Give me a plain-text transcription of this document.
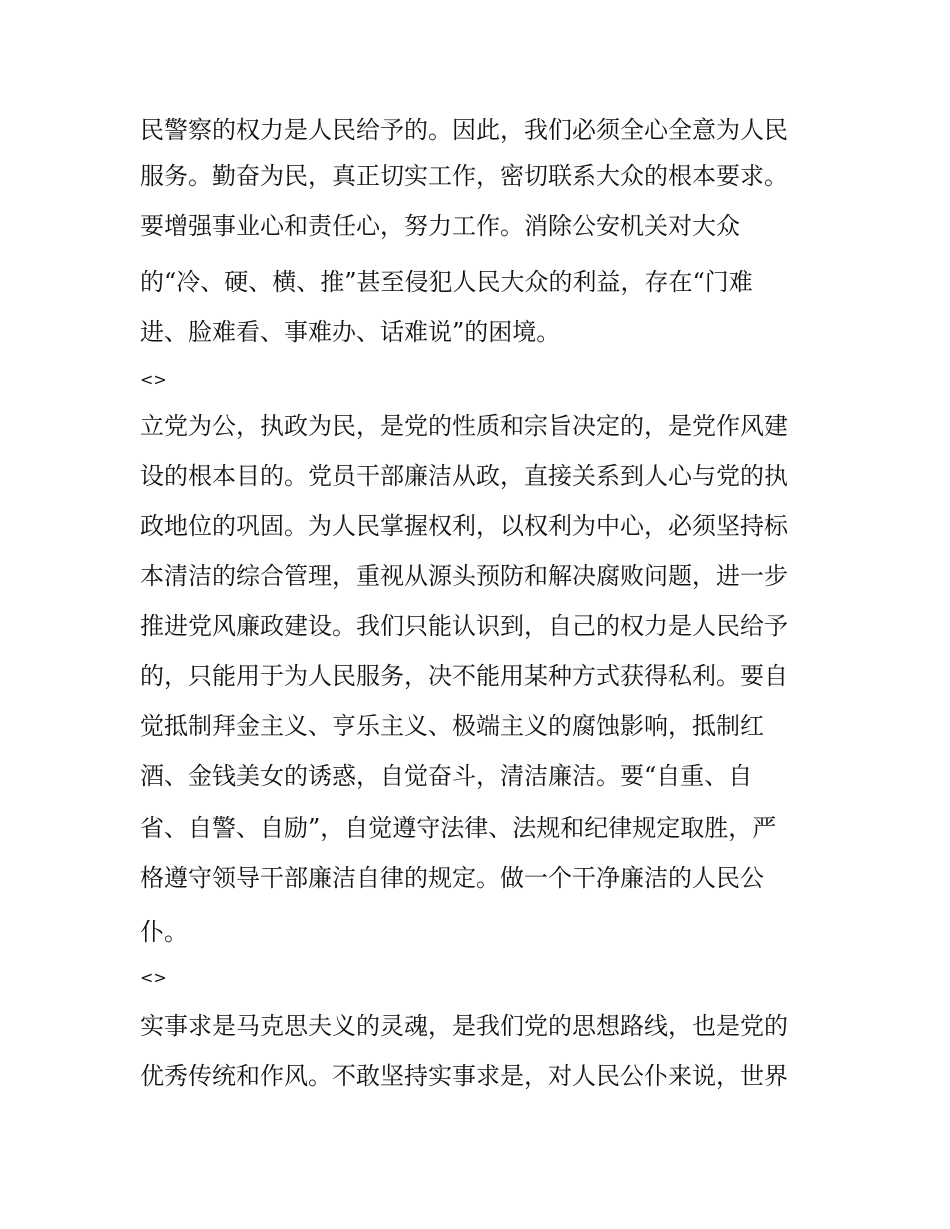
民警察的权力是人民给予的。因此，我们必须全心全意为人民
服务。勤奋为民，真正切实工作，密切联系大众的根本要求。
要增强事业心和责任心，努力工作。消除公安机关对大众
的“冷、硬、横、推”甚至侵犯人民大众的利益，存在“门难
进、脸难看、事难办、话难说”的困境。
<>
立党为公，执政为民，是党的性质和宗旨决定的，是党作风建
设的根本目的。党员干部廉洁从政，直接关系到人心与党的执
政地位的巩固。为人民掌握权利，以权利为中心，必须坚持标
本清洁的综合管理，重视从源头预防和解决腐败问题，进一步
推进党风廉政建设。我们只能认识到，自己的权力是人民给予
的，只能用于为人民服务，决不能用某种方式获得私利。要自
觉抵制拜金主义、亨乐主义、极端主义的腐蚀影响，抵制红
酒、金钱美女的诱惑，自觉奋斗，清洁廉洁。要“自重、自
省、自警、自励”，自觉遵守法律、法规和纪律规定取胜，严
格遵守领导干部廉洁自律的规定。做一个干净廉洁的人民公
仆。
<>
实事求是马克思夫义的灵魂，是我们党的思想路线，也是党的
优秀传统和作风。不敢坚持实事求是，对人民公仆来说，世界
